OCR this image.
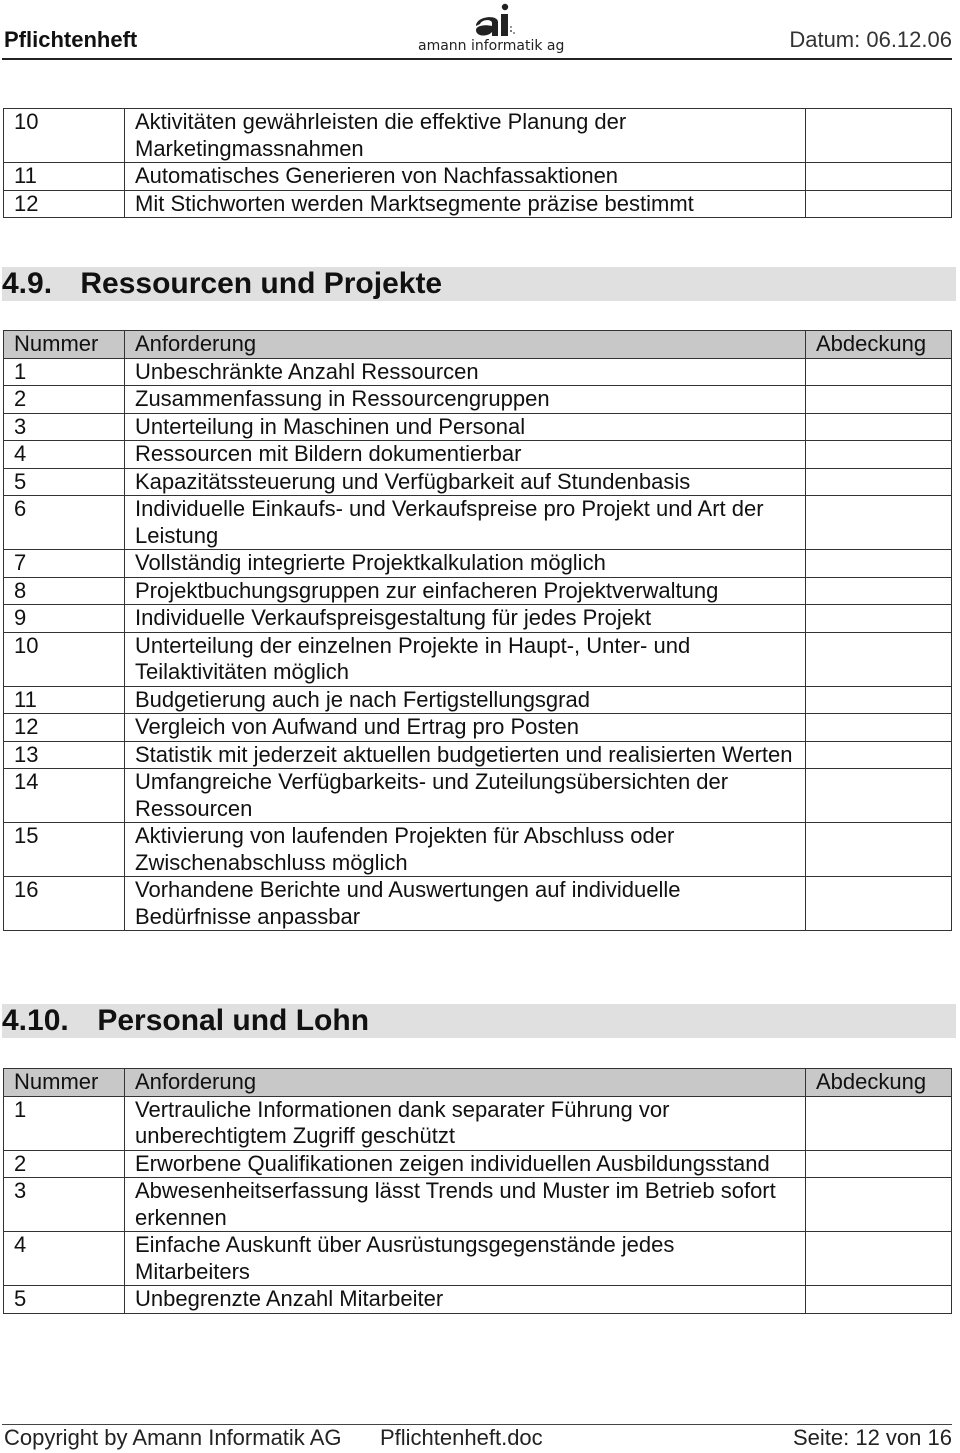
Pflichtenheft	amann informatik ag	Datum: 06.12.06
10	Aktivitäten gewährleisten die effektive Planung der Marketingmassnahmen	
11	Automatisches Generieren von Nachfassaktionen	
12	Mit Stichworten werden Marktsegmente präzise bestimmt	
4.9. Ressourcen und Projekte
Nummer	Anforderung	Abdeckung
1	Unbeschränkte Anzahl Ressourcen	
2	Zusammenfassung in Ressourcengruppen	
3	Unterteilung in Maschinen und Personal	
4	Ressourcen mit Bildern dokumentierbar	
5	Kapazitätssteuerung und Verfügbarkeit auf Stundenbasis	
6	Individuelle Einkaufs- und Verkaufspreise pro Projekt und Art der Leistung	
7	Vollständig integrierte Projektkalkulation möglich	
8	Projektbuchungsgruppen zur einfacheren Projektverwaltung	
9	Individuelle Verkaufspreisgestaltung für jedes Projekt	
10	Unterteilung der einzelnen Projekte in Haupt-, Unter- und Teilaktivitäten möglich	
11	Budgetierung auch je nach Fertigstellungsgrad	
12	Vergleich von Aufwand und Ertrag pro Posten	
13	Statistik mit jederzeit aktuellen budgetierten und realisierten Werten	
14	Umfangreiche Verfügbarkeits- und Zuteilungsübersichten der Ressourcen	
15	Aktivierung von laufenden Projekten für Abschluss oder Zwischenabschluss möglich	
16	Vorhandene Berichte und Auswertungen auf individuelle Bedürfnisse anpassbar	
4.10. Personal und Lohn
Nummer	Anforderung	Abdeckung
1	Vertrauliche Informationen dank separater Führung vor unberechtigtem Zugriff geschützt	
2	Erworbene Qualifikationen zeigen individuellen Ausbildungsstand	
3	Abwesenheitserfassung lässt Trends und Muster im Betrieb sofort erkennen	
4	Einfache Auskunft über Ausrüstungsgegenstände jedes Mitarbeiters	
5	Unbegrenzte Anzahl Mitarbeiter	
Copyright by Amann Informatik AG Pflichtenheft.doc	Seite: 12 von 16
